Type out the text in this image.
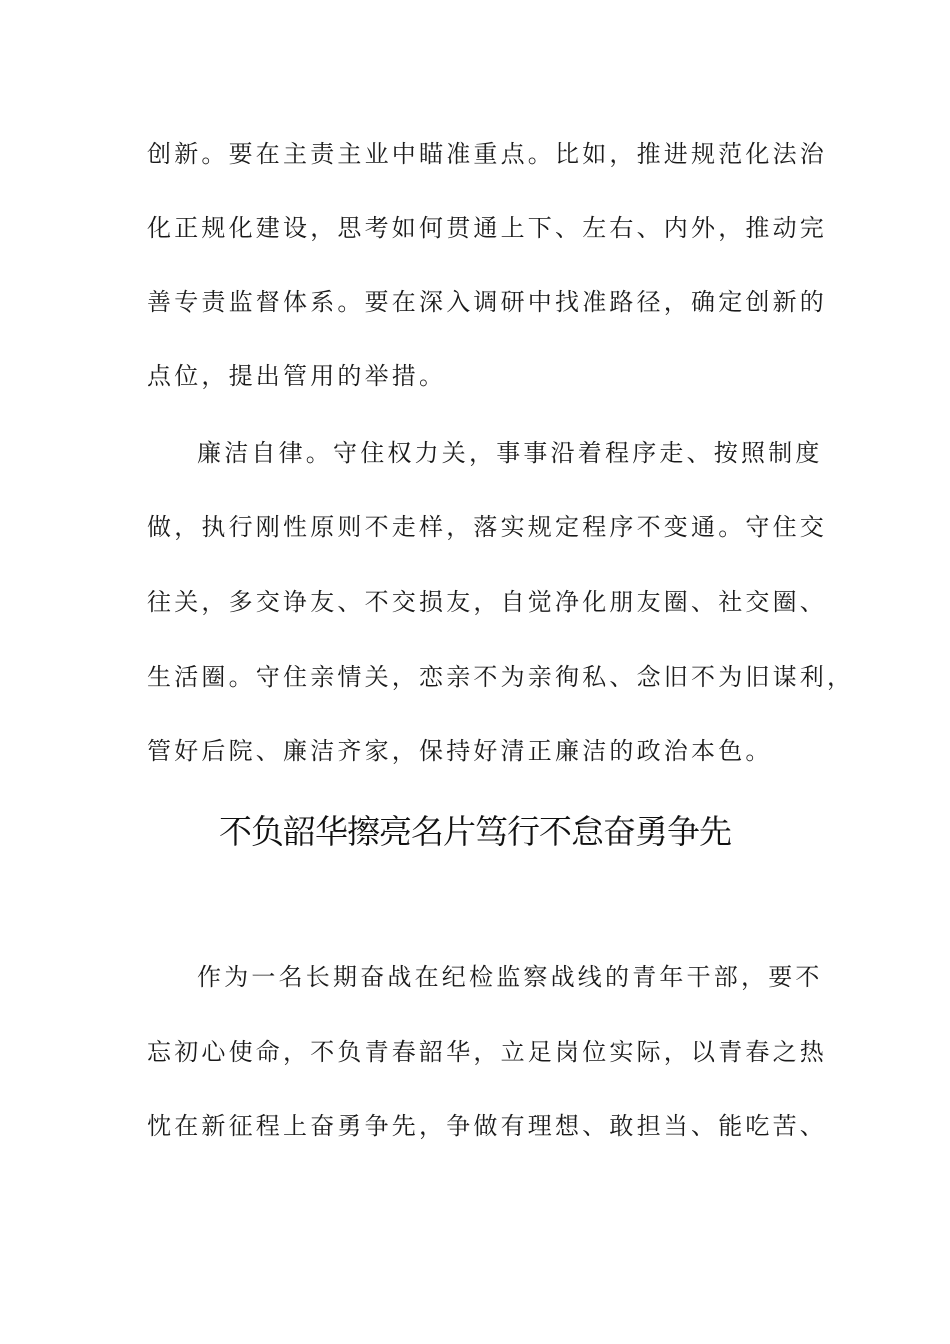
创新。要在主责主业中瞄准重点。比如，推进规范化法治
化正规化建设，思考如何贯通上下、左右、内外，推动完
善专责监督体系。要在深入调研中找准路径，确定创新的
点位，提出管用的举措。
廉洁自律。守住权力关，事事沿着程序走、按照制度
做，执行刚性原则不走样，落实规定程序不变通。守住交
往关，多交诤友、不交损友，自觉净化朋友圈、社交圈、
生活圈。守住亲情关，恋亲不为亲徇私、念旧不为旧谋利，
管好后院、廉洁齐家，保持好清正廉洁的政治本色。
不负韶华擦亮名片笃行不怠奋勇争先
作为一名长期奋战在纪检监察战线的青年干部，要不
忘初心使命，不负青春韶华，立足岗位实际，以青春之热
忱在新征程上奋勇争先，争做有理想、敢担当、能吃苦、
